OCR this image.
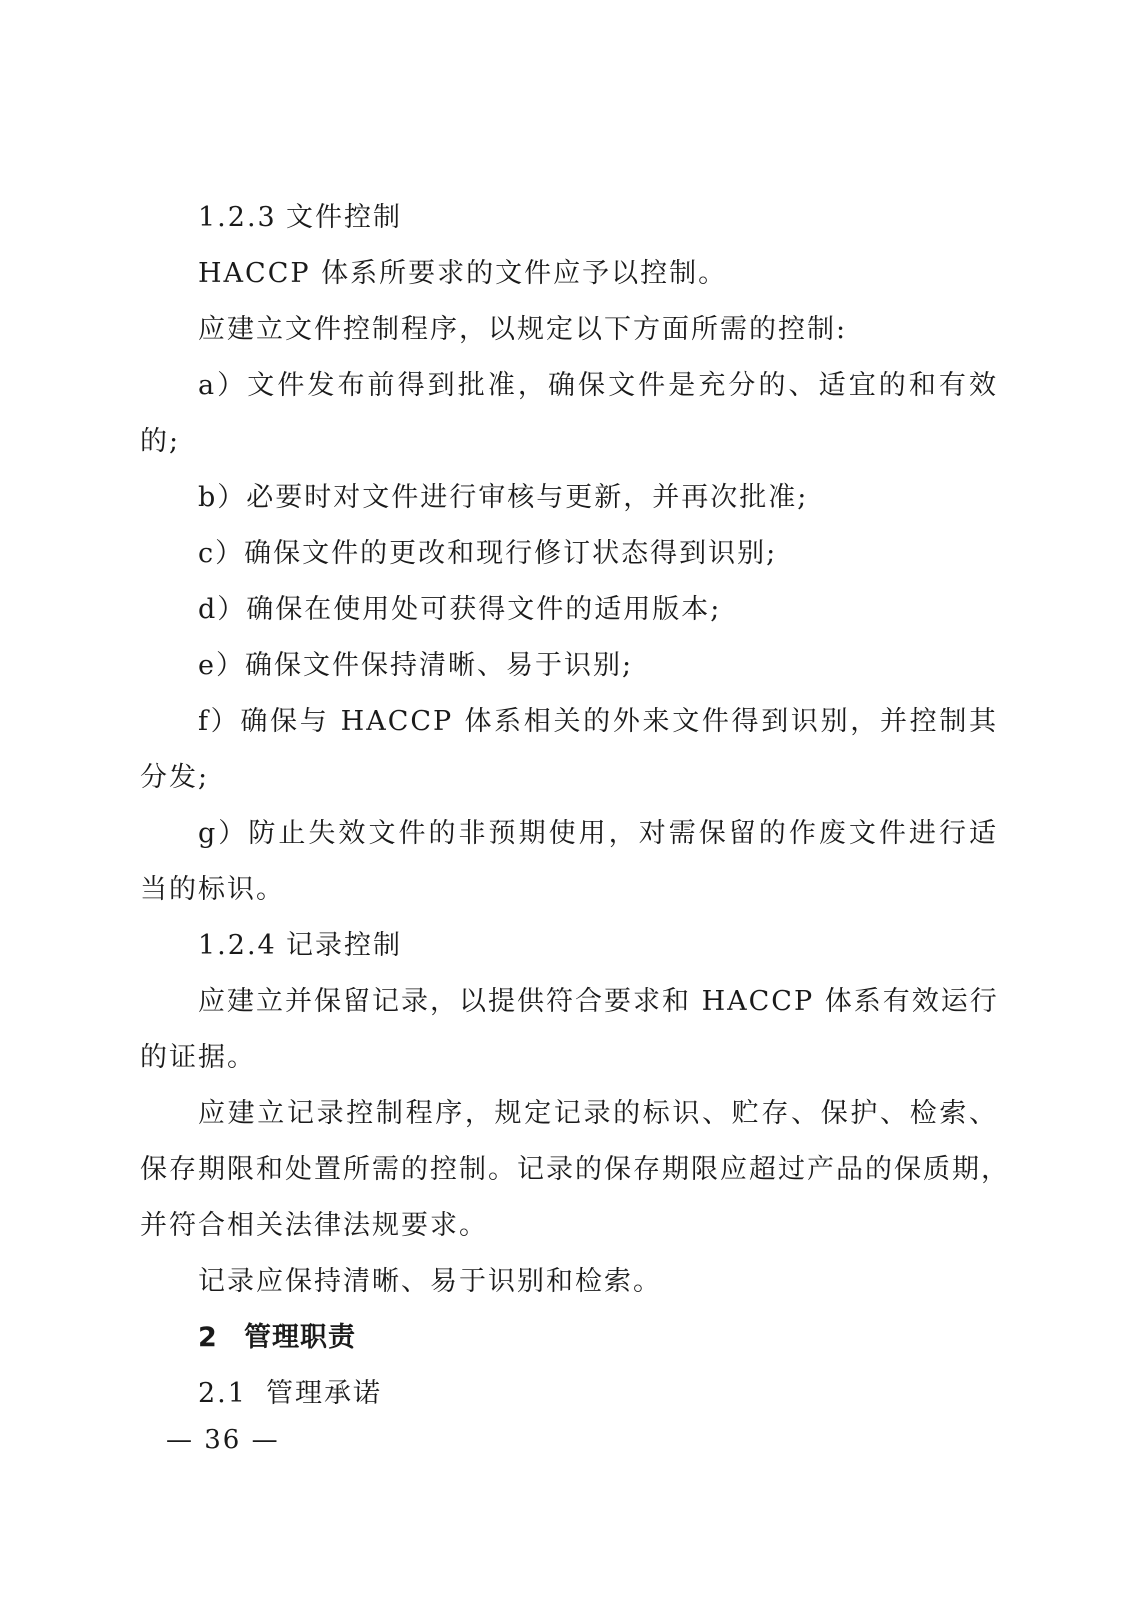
1.2.3 文件控制
HACCP 体系所要求的文件应予以控制。
应建立文件控制程序，以规定以下方面所需的控制:
a）文件发布前得到批准，确保文件是充分的、适宜的和有效
的;
b）必要时对文件进行审核与更新，并再次批准;
c）确保文件的更改和现行修订状态得到识别;
d）确保在使用处可获得文件的适用版本;
e）确保文件保持清晰、易于识别;
f）确保与 HACCP 体系相关的外来文件得到识别，并控制其
分发;
g）防止失效文件的非预期使用，对需保留的作废文件进行适
当的标识。
1.2.4 记录控制
应建立并保留记录，以提供符合要求和 HACCP 体系有效运行
的证据。
应建立记录控制程序，规定记录的标识、贮存、保护、检索、
保存期限和处置所需的控制。记录的保存期限应超过产品的保质期，
并符合相关法律法规要求。
记录应保持清晰、易于识别和检索。
2 管理职责
2.1 管理承诺
— 36 —
